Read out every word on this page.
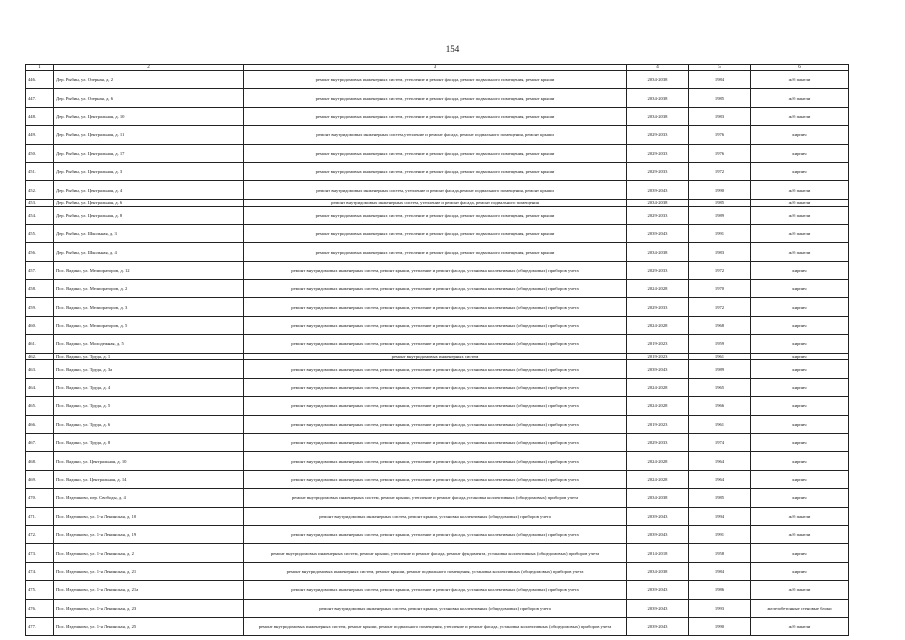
154
1	2	3	4	5	6
446.	Дер. Рыбин, ул. Озерная, д. 2	ремонт внутридомовых инженерных систем, утепление и ремонт фасада, ремонт подвального помещения, ремонт крыши	2034-2038	1984	ж/б панели
447.	Дер. Рыбин, ул. Озерная, д. 6	ремонт внутридомовых инженерных систем, утепление и ремонт фасада, ремонт подвального помещения, ремонт крыши	2034-2038	1985	ж/б панели
448.	Дер. Рыбин, ул. Центральная, д. 10	ремонт внутридомовых инженерных систем, утепление и ремонт фасада, ремонт подвального помещения, ремонт крыши	2034-2038	1983	ж/б панели
449.	Дер. Рыбин, ул. Центральная, д. 11	ремонт внутридомовых инженерных систем,утепление и ремонт фасада, ремонт подвального помещения, ремонт крыши	2029-2033	1976	кирпич
450.	Дер. Рыбин, ул. Центральная, д. 17	ремонт внутридомовых инженерных систем, утепление и ремонт фасада, ремонт подвального помещения, ремонт крыши	2029-2033	1976	кирпич
451.	Дер. Рыбин, ул. Центральная, д. 3	ремонт внутридомовых инженерных систем, утепление и ремонт фасада, ремонт подвального помещения, ремонт крыши	2029-2033	1972	кирпич
452.	Дер. Рыбин, ул. Центральная, д. 4	ремонт внутридомовых инженерных систем, утепление и ремонт фасада,ремонт подвального помещения, ремонт крыши	2039-2043	1990	ж/б панели
453.	Дер. Рыбин, ул. Центральная, д. 6	ремонт внутридомовых инженерных систем, утепление и ремонт фасада, ремонт подвального помещения	2034-2038	1985	ж/б панели
454.	Дер. Рыбин, ул. Центральная, д. 8	ремонт внутридомовых инженерных систем, утепление и ремонт фасада, ремонт подвального помещения, ремонт крыши	2029-2033	1989	ж/б панели
455.	Дер. Рыбин, ул. Школьная, д. 3	ремонт внутридомовых инженерных систем, утепление и ремонт фасада, ремонт подвального помещения, ремонт крыши	2039-2043	1991	ж/б панели
456.	Дер. Рыбин, ул. Школьная, д. 4	ремонт внутридомовых инженерных систем, утепление и ремонт фасада, ремонт подвального помещения, ремонт крыши	2034-2038	1983	ж/б панели
457.	Пос. Вадино, ул. Мелиораторов, д. 12	ремонт внутридомовых инженерных систем, ремонт крыши, утепление и ремонт фасада, установка коллективных (общедомовых) приборов учета	2029-2033	1972	кирпич
458.	Пос. Вадино, ул. Мелиораторов, д. 2	ремонт внутридомовых инженерных систем, ремонт крыши, утепление и ремонт фасада, установка коллективных (общедомовых) приборов учета	2024-2028	1970	кирпич
459.	Пос. Вадино, ул. Мелиораторов, д. 3	ремонт внутридомовых инженерных систем, ремонт крыши, утепление и ремонт фасада, установка коллективных (общедомовых) приборов учета	2029-2033	1972	кирпич
460.	Пос. Вадино, ул. Мелиораторов, д. 5	ремонт внутридомовых инженерных систем, ремонт крыши, утепление и ремонт фасада, установка коллективных (общедомовых) приборов учета	2024-2028	1968	кирпич
461.	Пос. Вадино, ул. Молодежная, д. 5	ремонт внутридомовых инженерных систем, ремонт крыши, утепление и ремонт фасада, установка коллективных (общедомовых) приборов учета	2019-2023	1959	кирпич
462.	Пос. Вадино, ул. Труда, д. 1	ремонт внутридомовых инженерных систем	2019-2023	1961	кирпич
463.	Пос. Вадино, ул. Труда, д. 3а	ремонт внутридомовых инженерных систем, ремонт крыши, утепление и ремонт фасада, установка коллективных (общедомовых) приборов учета	2039-2043	1989	кирпич
464.	Пос. Вадино, ул. Труда, д. 4	ремонт внутридомовых инженерных систем, ремонт крыши, утепление и ремонт фасада, установка коллективных (общедомовых) приборов учета	2024-2028	1965	кирпич
465.	Пос. Вадино, ул. Труда, д. 5	ремонт внутридомовых инженерных систем, ремонт крыши, утепление и ремонт фасада, установка коллективных (общедомовых) приборов учета	2024-2028	1966	кирпич
466.	Пос. Вадино, ул. Труда, д. 6	ремонт внутридомовых инженерных систем, ремонт крыши, утепление и ремонт фасада, установка коллективных (общедомовых) приборов учета	2019-2023	1961	кирпич
467.	Пос. Вадино, ул. Труда, д. 8	ремонт внутридомовых инженерных систем, ремонт крыши, утепление и ремонт фасада, установка коллективных (общедомовых) приборов учета	2029-2033	1974	кирпич
468.	Пос. Вадино, ул. Центральная, д. 10	ремонт внутридомовых инженерных систем, ремонт крыши, утепление и ремонт фасада, установка коллективных (общедомовых) приборов учета	2024-2028	1964	кирпич
469.	Пос. Вадино, ул. Центральная, д. 14	ремонт внутридомовых инженерных систем, ремонт крыши, утепление и ремонт фасада, установка коллективных (общедомовых) приборов учета	2024-2028	1964	кирпич
470.	Пос. Издешково, пер. Свободы, д. 4	ремонт внутридомовых инженерных систем, ремонт крыши, утепление и ремонт фасада,установка коллективных (общедомовых) приборов учета	2034-2038	1985	кирпич
471.	Пос. Издешково, ул. 1-я Ленинская, д. 10	ремонт внутридомовых инженерных систем, ремонт крыши, установка коллективных (общедомовых) приборов учета	2039-2043	1994	ж/б панели
472.	Пос. Издешково, ул. 1-я Ленинская, д. 19	ремонт внутридомовых инженерных систем, ремонт крыши, утепление и ремонт фасада, установка коллективных (общедомовых) приборов учета	2039-2043	1991	ж/б панели
473.	Пос. Издешково, ул. 1-я Ленинская, д. 2	ремонт внутридомовых инженерных систем, ремонт крыши, утепление и ремонт фасада, ремонт фундамента, установка коллективных (общедомовых) приборов учета	2014-2018	1958	кирпич
474.	Пос. Издешково, ул. 1-я Ленинская, д. 21	ремонт внутридомовых инженерных систем, ремонт крыши, ремонт подвального помещения, установка коллективных (общедомовых) приборов учета	2034-2038	1984	кирпич
475.	Пос. Издешково, ул. 1-я Ленинская, д. 21а	ремонт внутридомовых инженерных систем, ремонт крыши, утепление и ремонт фасада, установка коллективных (общедомовых) приборов учета	2039-2043	1986	ж/б панели
476.	Пос. Издешково, ул. 1-я Ленинская, д. 23	ремонт внутридомовых инженерных систем, ремонт крыши, установка коллективных (общедомовых) приборов учета	2039-2043	1993	железобетонные стеновые блоки
477.	Пос. Издешково, ул. 1-я Ленинская, д. 25	ремонт внутридомовых инженерных систем, ремонт крыши, ремонт подвального помещения, утепление и ремонт фасада, установка коллективных (общедомовых) приборов учета	2039-2043	1990	ж/б панели
